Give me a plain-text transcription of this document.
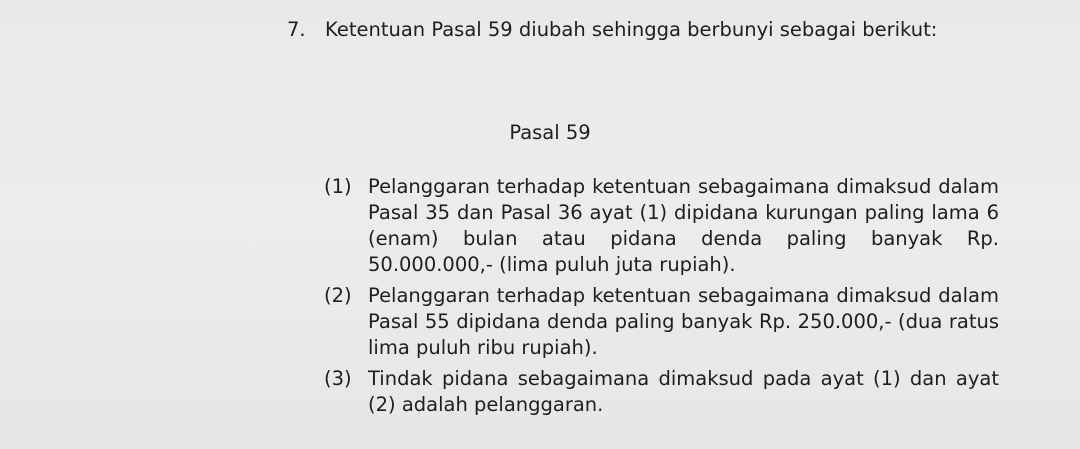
7. Ketentuan Pasal 59 diubah sehingga berbunyi sebagai berikut:
Pasal 59
(1) Pelanggaran terhadap ketentuan sebagaimana dimaksud dalam Pasal 35 dan Pasal 36 ayat (1) dipidana kurungan paling lama 6 (enam) bulan atau pidana denda paling banyak Rp. 50.000.000,- (lima puluh juta rupiah).
(2) Pelanggaran terhadap ketentuan sebagaimana dimaksud dalam Pasal 55 dipidana denda paling banyak Rp. 250.000,- (dua ratus lima puluh ribu rupiah).
(3) Tindak pidana sebagaimana dimaksud pada ayat (1) dan ayat (2) adalah pelanggaran.
